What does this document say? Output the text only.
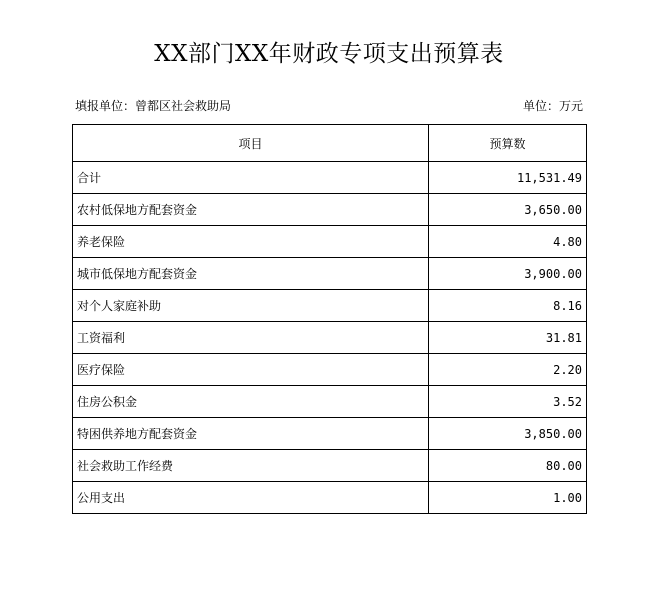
XX部门XX年财政专项支出预算表
填报单位：曾都区社会救助局	单位：万元
项目	预算数
合计	11,531.49
农村低保地方配套资金	3,650.00
养老保险	4.80
城市低保地方配套资金	3,900.00
对个人家庭补助	8.16
工资福利	31.81
医疗保险	2.20
住房公积金	3.52
特困供养地方配套资金	3,850.00
社会救助工作经费	80.00
公用支出	1.00
